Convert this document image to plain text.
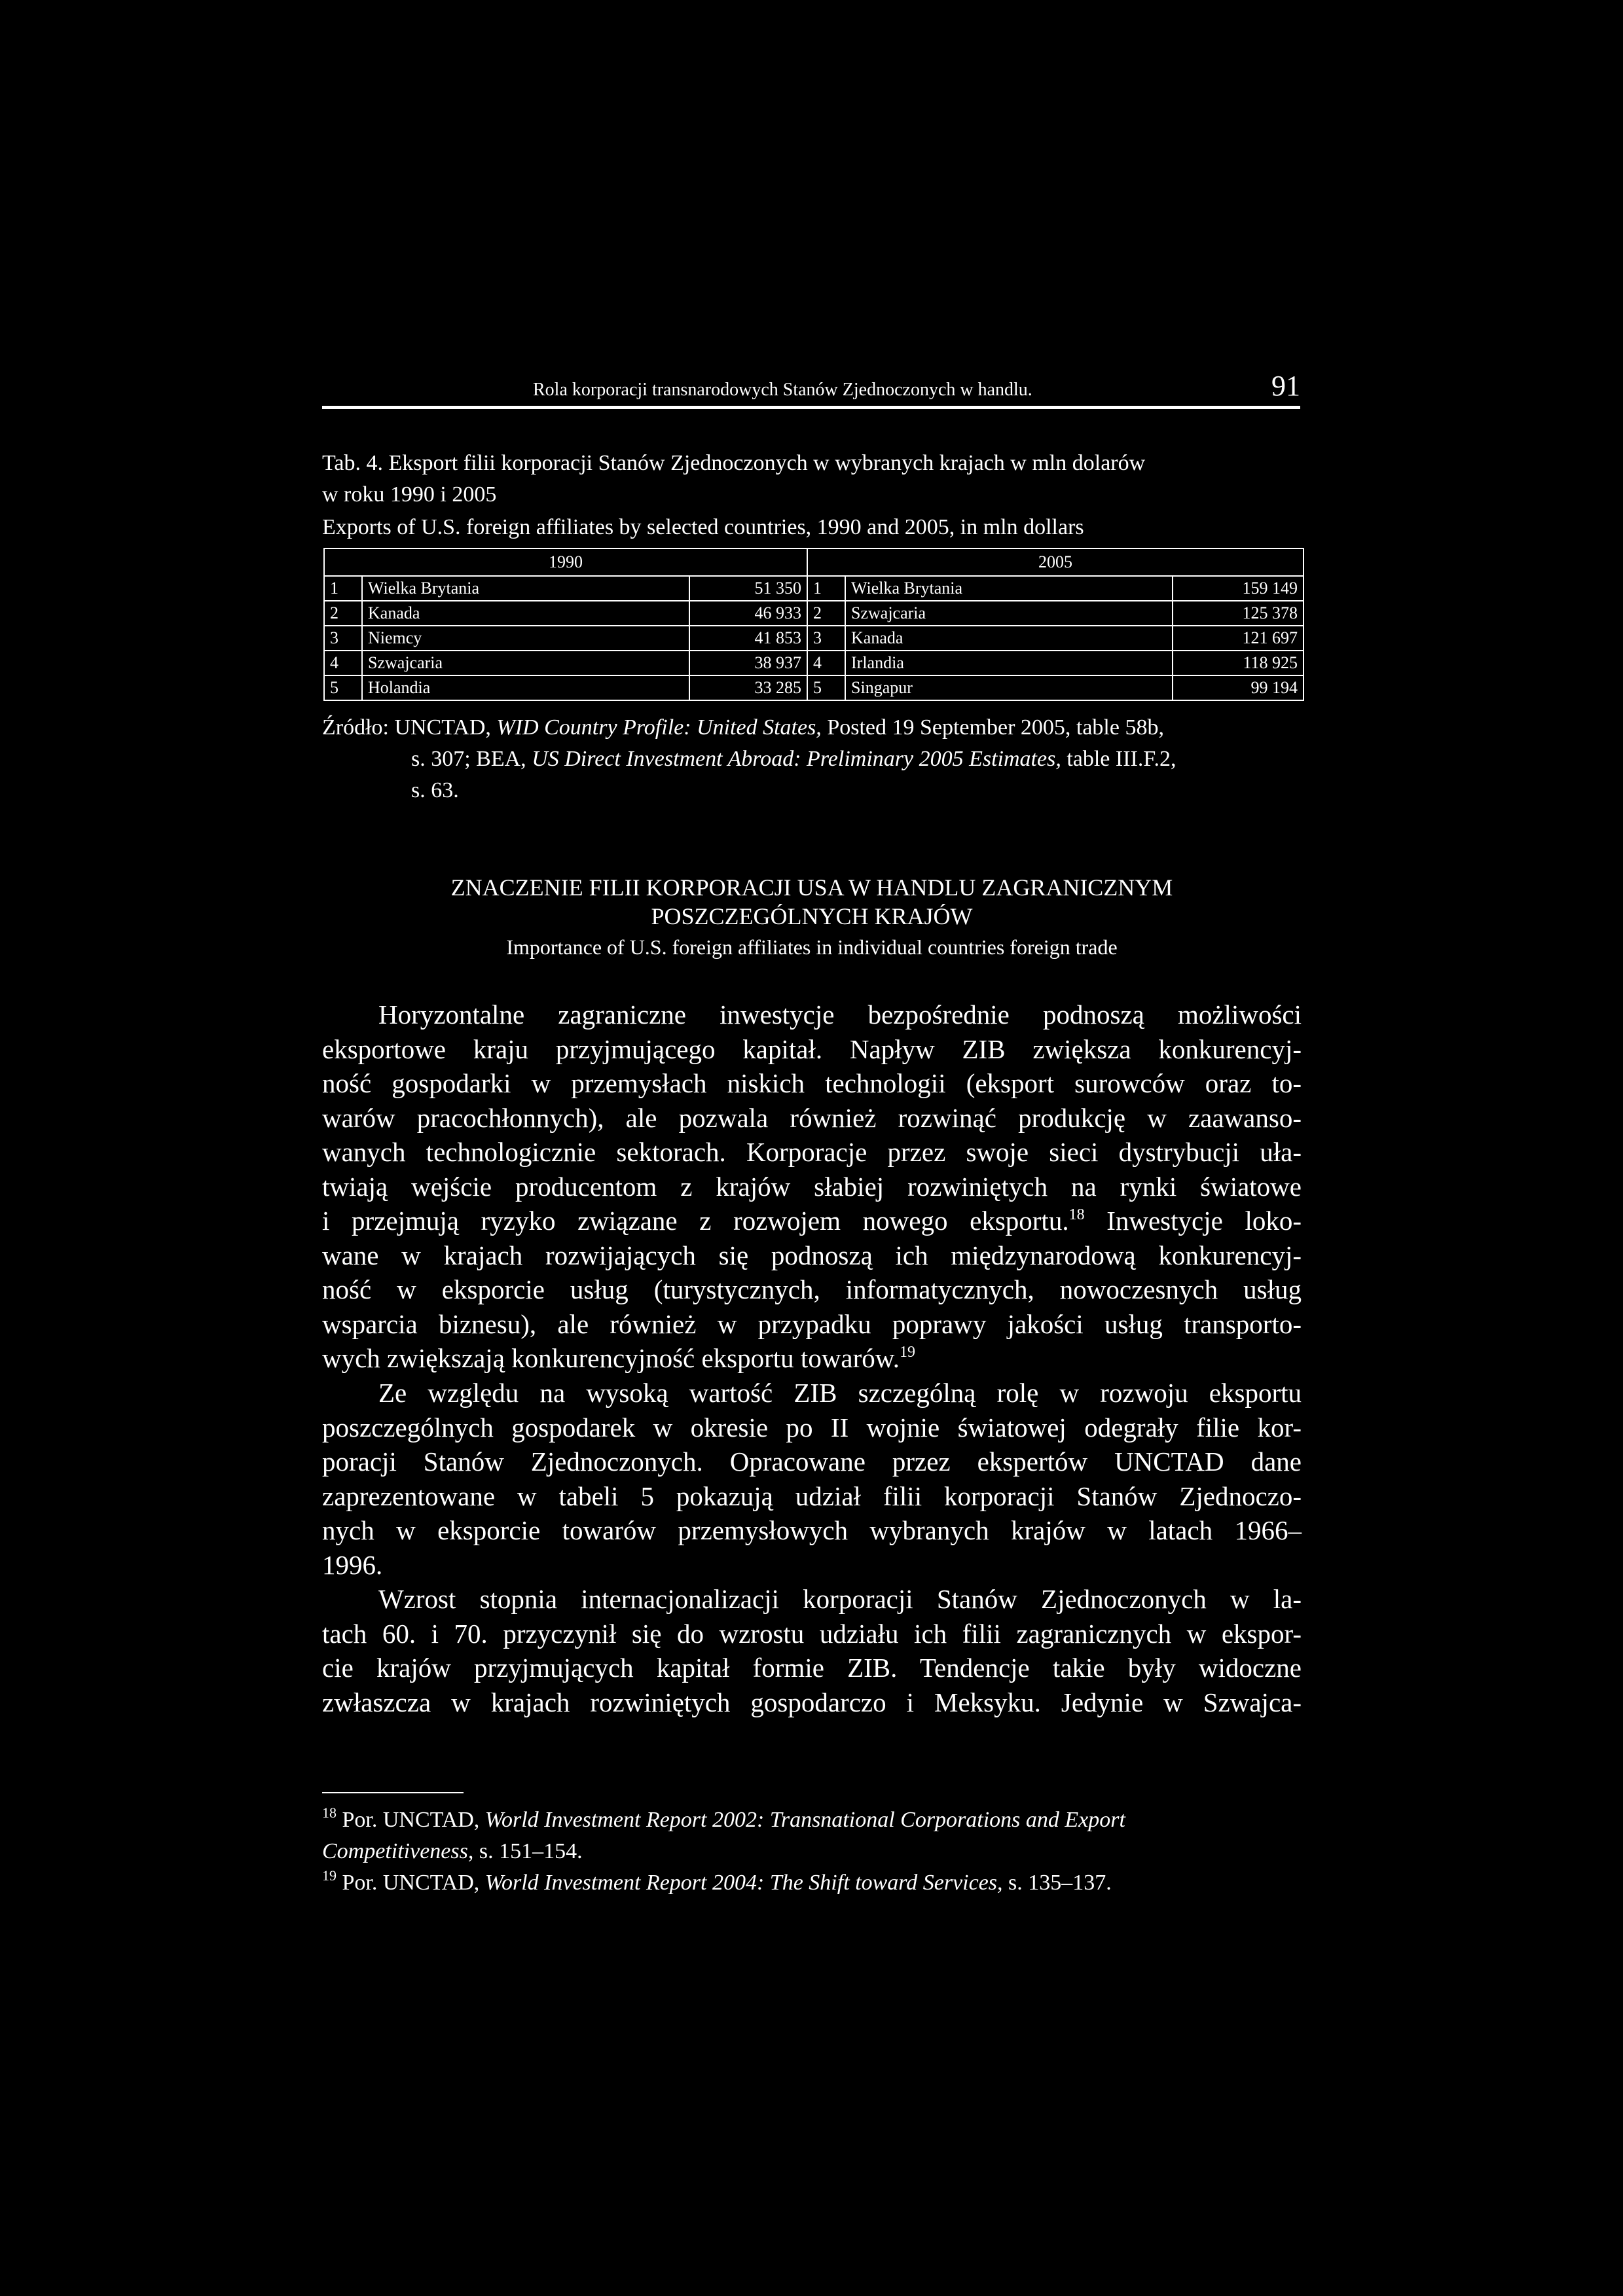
Rola korporacji transnarodowych Stanów Zjednoczonych w handlu.	91
Tab. 4. Eksport filii korporacji Stanów Zjednoczonych w wybranych krajach w mln dolarów
w roku 1990 i 2005
Exports of U.S. foreign affiliates by selected countries, 1990 and 2005, in mln dollars
1990			2005		
1	Wielka Brytania	51 350	1	Wielka Brytania	159 149
2	Kanada	46 933	2	Szwajcaria	125 378
3	Niemcy	41 853	3	Kanada	121 697
4	Szwajcaria	38 937	4	Irlandia	118 925
5	Holandia	33 285	5	Singapur	99 194
Źródło: UNCTAD, WID Country Profile: United States, Posted 19 September 2005, table 58b,
s. 307; BEA, US Direct Investment Abroad: Preliminary 2005 Estimates, table III.F.2,
s. 63.
ZNACZENIE FILII KORPORACJI USA W HANDLU ZAGRANICZNYM
POSZCZEGÓLNYCH KRAJÓW
Importance of U.S. foreign affiliates in individual countries foreign trade
Horyzontalne zagraniczne inwestycje bezpośrednie podnoszą możliwości
eksportowe kraju przyjmującego kapitał. Napływ ZIB zwiększa konkurencyj-
ność gospodarki w przemysłach niskich technologii (eksport surowców oraz to-
warów pracochłonnych), ale pozwala również rozwinąć produkcję w zaawanso-
wanych technologicznie sektorach. Korporacje przez swoje sieci dystrybucji uła-
twiają wejście producentom z krajów słabiej rozwiniętych na rynki światowe
i przejmują ryzyko związane z rozwojem nowego eksportu.$^{18}$ Inwestycje loko-
wane w krajach rozwijających się podnoszą ich międzynarodową konkurencyj-
ność w eksporcie usług (turystycznych, informatycznych, nowoczesnych usług
wsparcia biznesu), ale również w przypadku poprawy jakości usług transporto-
wych zwiększają konkurencyjność eksportu towarów.$^{19}$
Ze względu na wysoką wartość ZIB szczególną rolę w rozwoju eksportu
poszczególnych gospodarek w okresie po II wojnie światowej odegrały filie kor-
poracji Stanów Zjednoczonych. Opracowane przez ekspertów UNCTAD dane
zaprezentowane w tabeli 5 pokazują udział filii korporacji Stanów Zjednoczo-
nych w eksporcie towarów przemysłowych wybranych krajów w latach 1966–
1996.
Wzrost stopnia internacjonalizacji korporacji Stanów Zjednoczonych w la-
tach 60. i 70. przyczynił się do wzrostu udziału ich filii zagranicznych w ekspor-
cie krajów przyjmujących kapitał formie ZIB. Tendencje takie były widoczne
zwłaszcza w krajach rozwiniętych gospodarczo i Meksyku. Jedynie w Szwajca-
$^{18}$ Por. UNCTAD, World Investment Report 2002: Transnational Corporations and Export
Competitiveness, s. 151–154.
$^{19}$ Por. UNCTAD, World Investment Report 2004: The Shift toward Services, s. 135–137.
